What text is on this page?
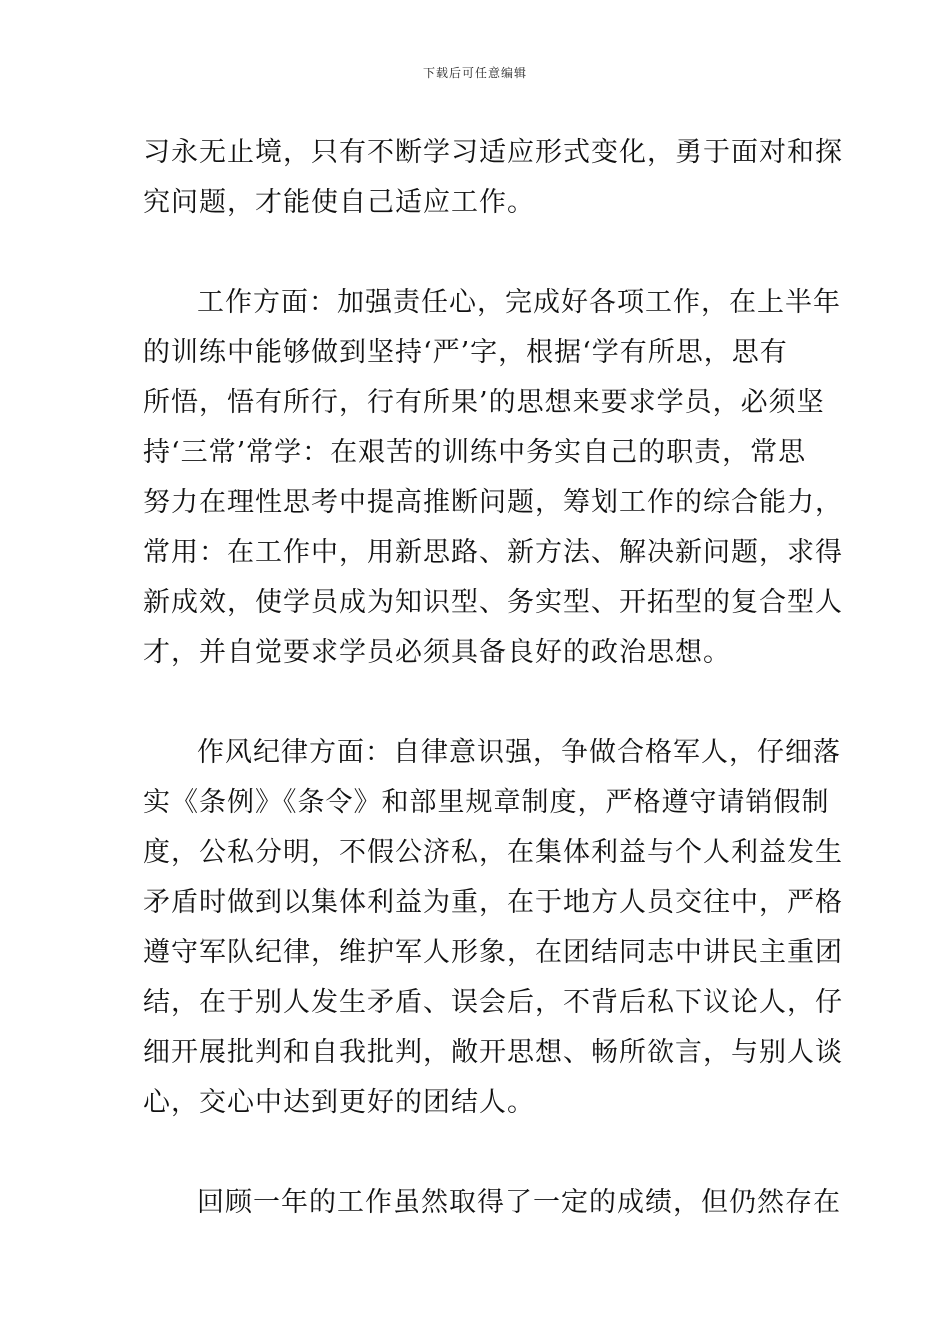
下载后可任意编辑
习永无止境，只有不断学习适应形式变化，勇于面对和探
究问题，才能使自己适应工作。
工作方面：加强责任心，完成好各项工作，在上半年
的训练中能够做到坚持‘严’字，根据‘学有所思，思有
所悟，悟有所行，行有所果’的思想来要求学员，必须坚
持‘三常’常学：在艰苦的训练中务实自己的职责，常思
努力在理性思考中提高推断问题，筹划工作的综合能力，
常用：在工作中，用新思路、新方法、解决新问题，求得
新成效，使学员成为知识型、务实型、开拓型的复合型人
才，并自觉要求学员必须具备良好的政治思想。
作风纪律方面：自律意识强，争做合格军人，仔细落
实《条例》《条令》和部里规章制度，严格遵守请销假制
度，公私分明，不假公济私，在集体利益与个人利益发生
矛盾时做到以集体利益为重，在于地方人员交往中，严格
遵守军队纪律，维护军人形象，在团结同志中讲民主重团
结，在于别人发生矛盾、误会后，不背后私下议论人，仔
细开展批判和自我批判，敞开思想、畅所欲言，与别人谈
心，交心中达到更好的团结人。
回顾一年的工作虽然取得了一定的成绩，但仍然存在
